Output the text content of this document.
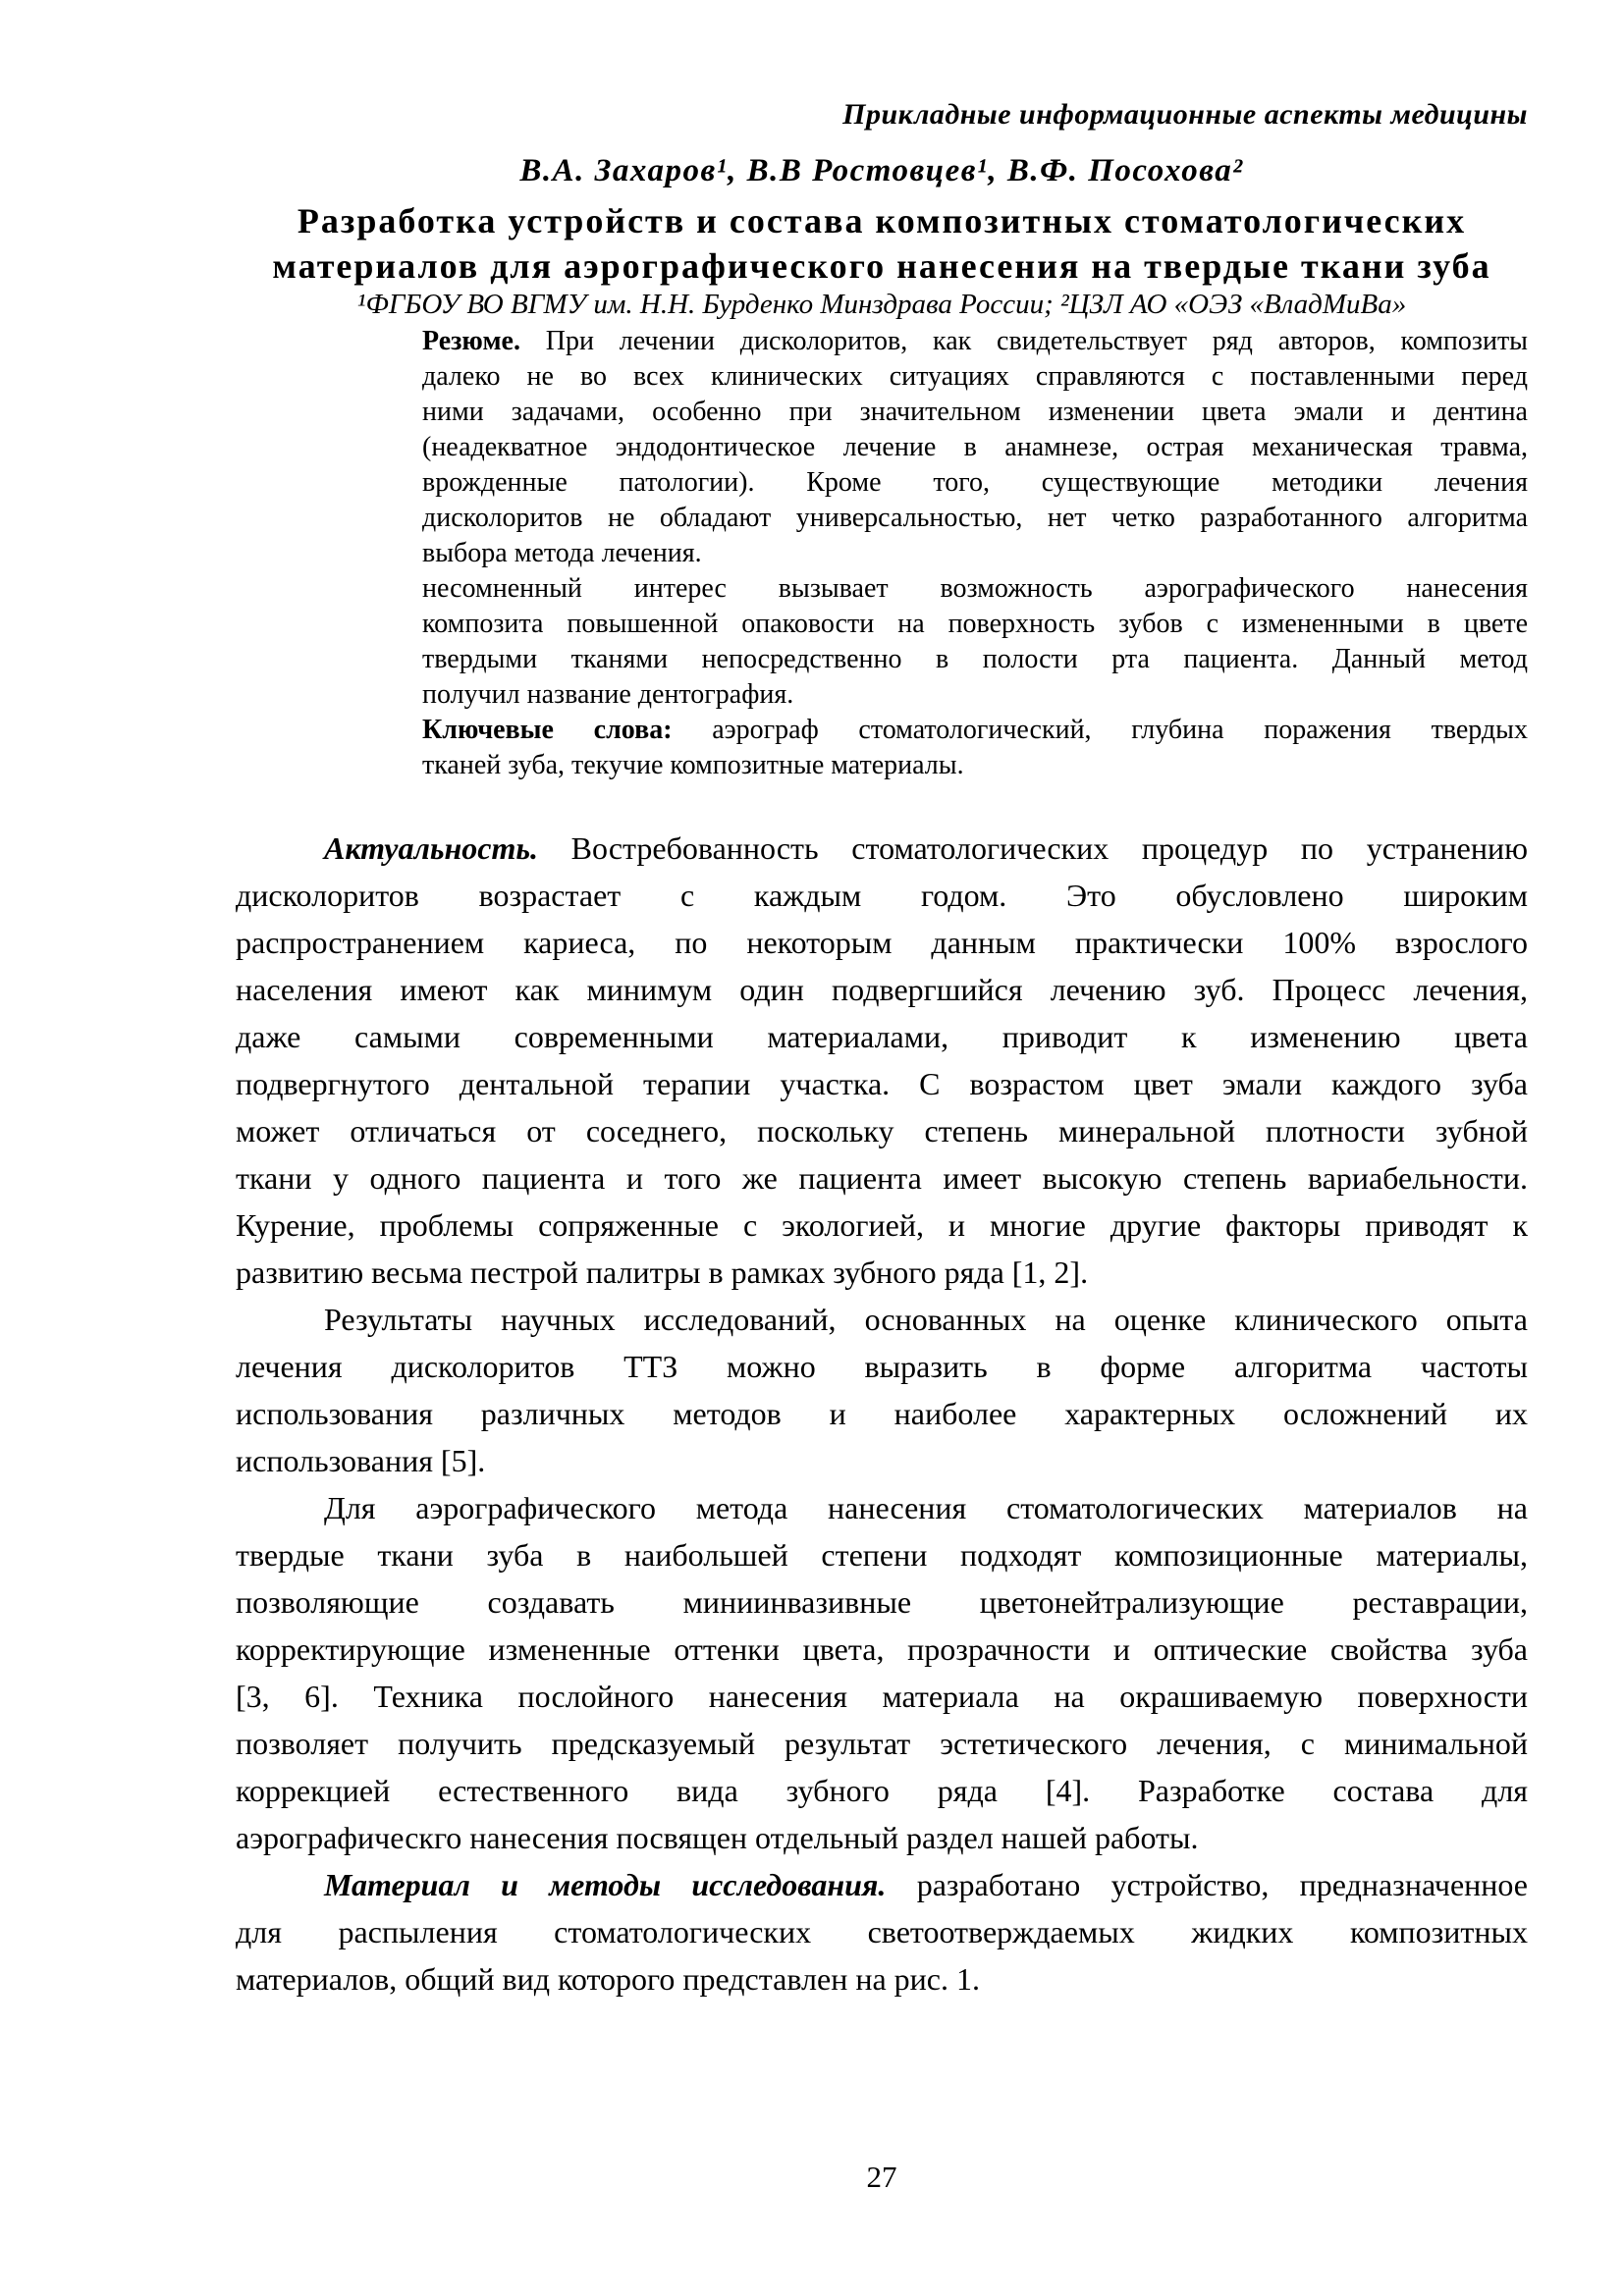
Прикладные информационные аспекты медицины
В.А. Захаров¹, В.В Ростовцев¹, В.Ф. Посохова²
Разработка устройств и состава композитных стоматологических
материалов для аэрографического нанесения на твердые ткани зуба
¹ФГБОУ ВО ВГМУ им. Н.Н. Бурденко Минздрава России; ²ЦЗЛ АО «ОЭЗ «ВладМиВа»
Резюме. При лечении дисколоритов, как свидетельствует ряд авторов, композиты
далеко не во всех клинических ситуациях справляются с поставленными перед
ними задачами, особенно при значительном изменении цвета эмали и дентина
(неадекватное эндодонтическое лечение в анамнезе, острая механическая травма,
врожденные патологии). Кроме того, существующие методики лечения
дисколоритов не обладают универсальностью, нет четко разработанного алгоритма
выбора метода лечения.
несомненный интерес вызывает возможность аэрографического нанесения
композита повышенной опаковости на поверхность зубов с измененными в цвете
твердыми тканями непосредственно в полости рта пациента. Данный метод
получил название дентография.
Ключевые слова: аэрограф стоматологический, глубина поражения твердых
тканей зуба, текучие композитные материалы.
Актуальность. Востребованность стоматологических процедур по устранению
дисколоритов возрастает с каждым годом. Это обусловлено широким
распространением кариеса, по некоторым данным практически 100% взрослого
населения имеют как минимум один подвергшийся лечению зуб. Процесс лечения,
даже самыми современными материалами, приводит к изменению цвета
подвергнутого дентальной терапии участка. С возрастом цвет эмали каждого зуба
может отличаться от соседнего, поскольку степень минеральной плотности зубной
ткани у одного пациента и того же пациента имеет высокую степень вариабельности.
Курение, проблемы сопряженные с экологией, и многие другие факторы приводят к
развитию весьма пестрой палитры в рамках зубного ряда [1, 2].
Результаты научных исследований, основанных на оценке клинического опыта
лечения дисколоритов ТТЗ можно выразить в форме алгоритма частоты
использования различных методов и наиболее характерных осложнений их
использования [5].
Для аэрографического метода нанесения стоматологических материалов на
твердые ткани зуба в наибольшей степени подходят композиционные материалы,
позволяющие создавать миниинвазивные цветонейтрализующие реставрации,
корректирующие измененные оттенки цвета, прозрачности и оптические свойства зуба
[3, 6]. Техника послойного нанесения материала на окрашиваемую поверхности
позволяет получить предсказуемый результат эстетического лечения, с минимальной
коррекцией естественного вида зубного ряда [4]. Разработке состава для
аэрографическго нанесения посвящен отдельный раздел нашей работы.
Материал и методы исследования. разработано устройство, предназначенное
для распыления стоматологических светоотверждаемых жидких композитных
материалов, общий вид которого представлен на рис. 1.
27
